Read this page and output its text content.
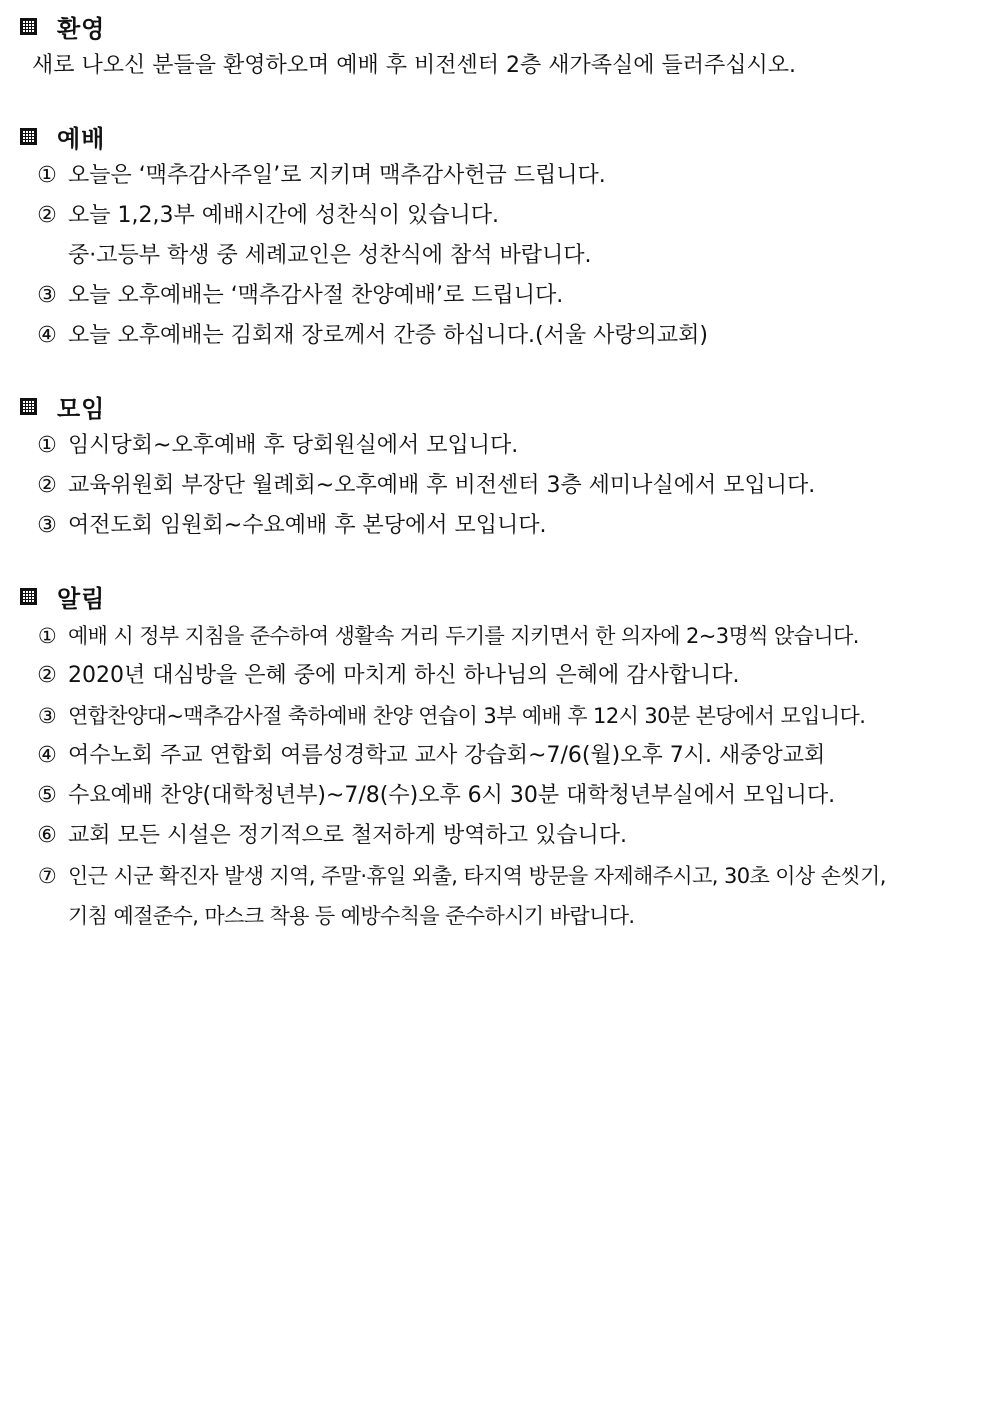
환영
새로 나오신 분들을 환영하오며 예배 후 비전센터 2층 새가족실에 들러주십시오.
예배
① 오늘은 ‘맥추감사주일’로 지키며 맥추감사헌금 드립니다.
② 오늘 1,2,3부 예배시간에 성찬식이 있습니다.
중·고등부 학생 중 세례교인은 성찬식에 참석 바랍니다.
③ 오늘 오후예배는 ‘맥추감사절 찬양예배’로 드립니다.
④ 오늘 오후예배는 김회재 장로께서 간증 하십니다.(서울 사랑의교회)
모임
① 임시당회~오후예배 후 당회원실에서 모입니다.
② 교육위원회 부장단 월례회~오후예배 후 비전센터 3층 세미나실에서 모입니다.
③ 여전도회 임원회~수요예배 후 본당에서 모입니다.
알림
① 예배 시 정부 지침을 준수하여 생활속 거리 두기를 지키면서 한 의자에 2~3명씩 앉습니다.
② 2020년 대심방을 은혜 중에 마치게 하신 하나님의 은혜에 감사합니다.
③ 연합찬양대~맥추감사절 축하예배 찬양 연습이 3부 예배 후 12시 30분 본당에서 모입니다.
④ 여수노회 주교 연합회 여름성경학교 교사 강습회~7/6(월)오후 7시. 새중앙교회
⑤ 수요예배 찬양(대학청년부)~7/8(수)오후 6시 30분 대학청년부실에서 모입니다.
⑥ 교회 모든 시설은 정기적으로 철저하게 방역하고 있습니다.
⑦ 인근 시군 확진자 발생 지역, 주말·휴일 외출, 타지역 방문을 자제해주시고, 30초 이상 손씻기,
기침 예절준수, 마스크 착용 등 예방수칙을 준수하시기 바랍니다.
